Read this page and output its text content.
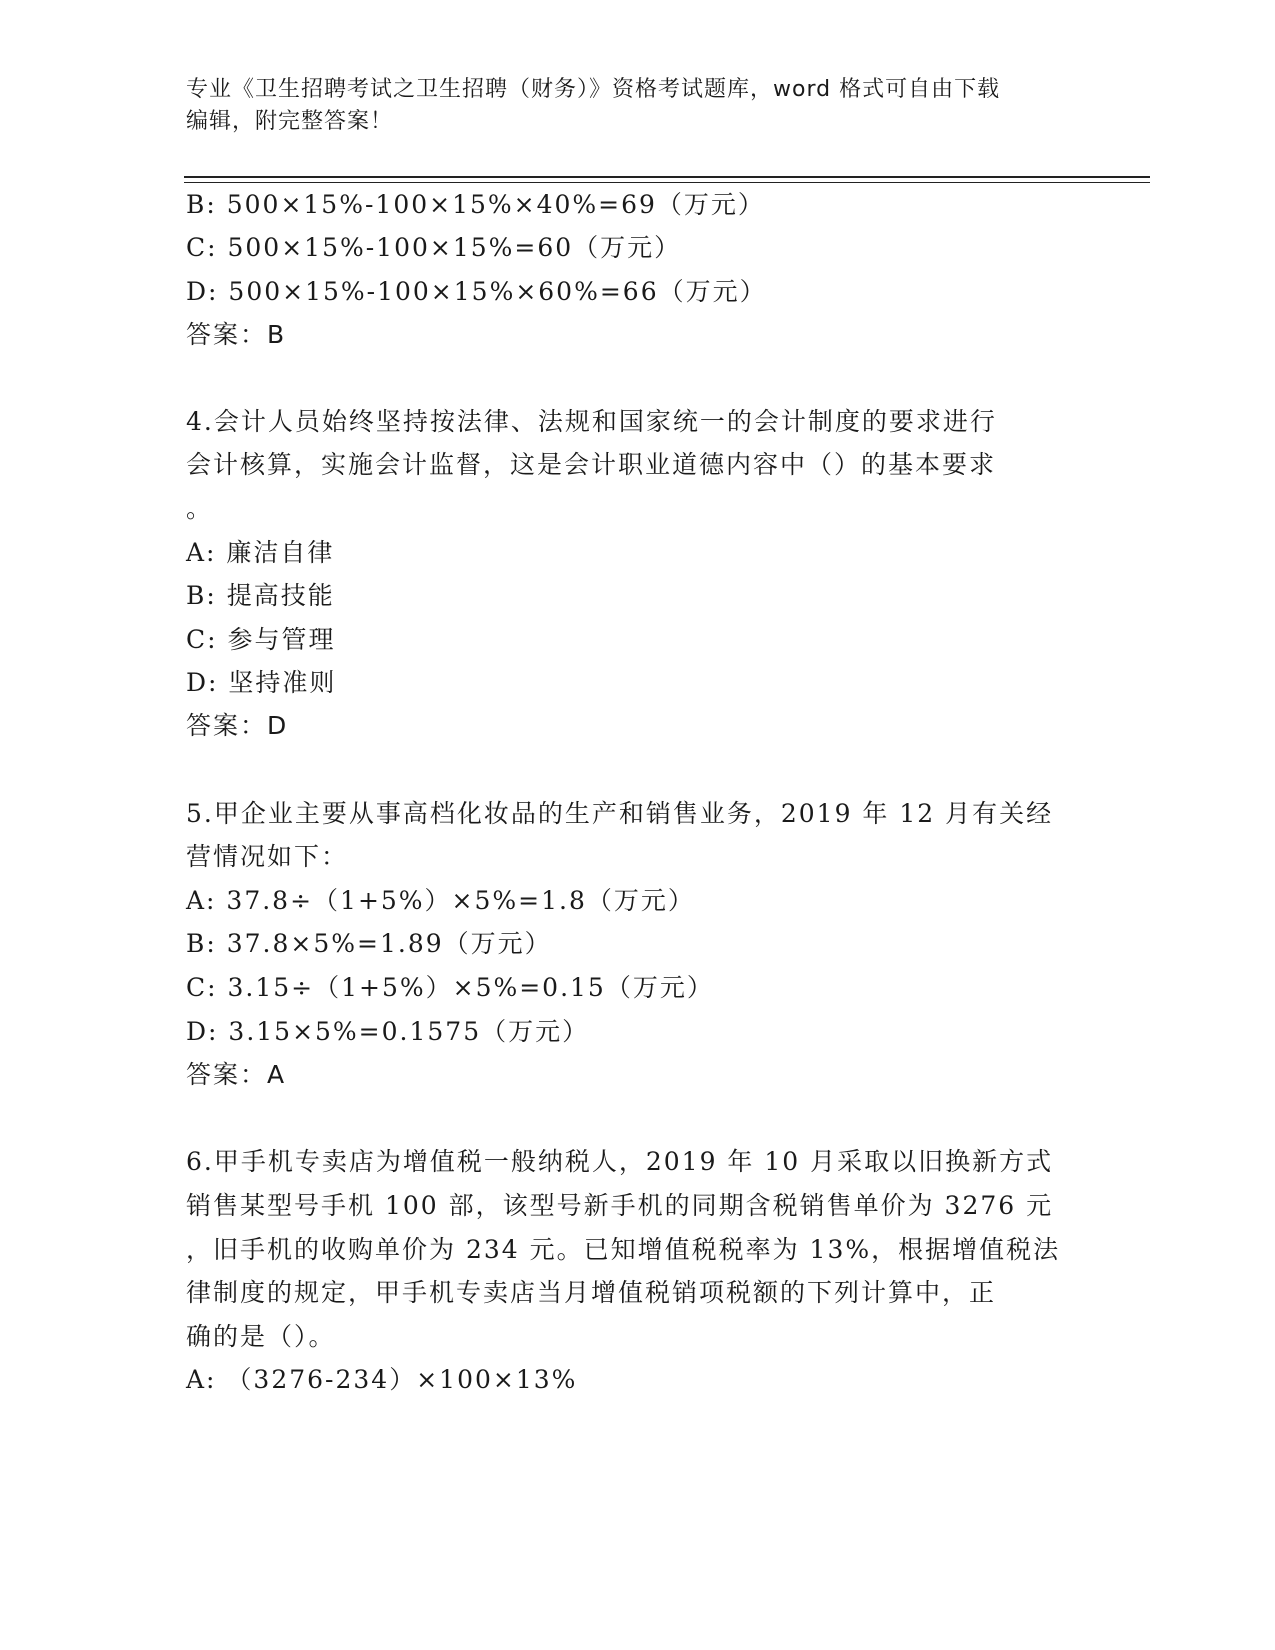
专业《卫生招聘考试之卫生招聘（财务）》资格考试题库，word 格式可自由下载
编辑，附完整答案！
B: 500×15%-100×15%×40%=69（万元）
C: 500×15%-100×15%=60（万元）
D: 500×15%-100×15%×60%=66（万元）
答案：B
4.会计人员始终坚持按法律、法规和国家统一的会计制度的要求进行
会计核算，实施会计监督，这是会计职业道德内容中（）的基本要求
。
A: 廉洁自律
B: 提高技能
C: 参与管理
D: 坚持准则
答案：D
5.甲企业主要从事高档化妆品的生产和销售业务，2019 年 12 月有关经
营情况如下：
A: 37.8÷（1+5%）×5%=1.8（万元）
B: 37.8×5%=1.89（万元）
C: 3.15÷（1+5%）×5%=0.15（万元）
D: 3.15×5%=0.1575（万元）
答案：A
6.甲手机专卖店为增值税一般纳税人，2019 年 10 月采取以旧换新方式
销售某型号手机 100 部，该型号新手机的同期含税销售单价为 3276 元
，旧手机的收购单价为 234 元。已知增值税税率为 13%，根据增值税法
律制度的规定，甲手机专卖店当月增值税销项税额的下列计算中，正
确的是（）。
A: （3276-234）×100×13%
